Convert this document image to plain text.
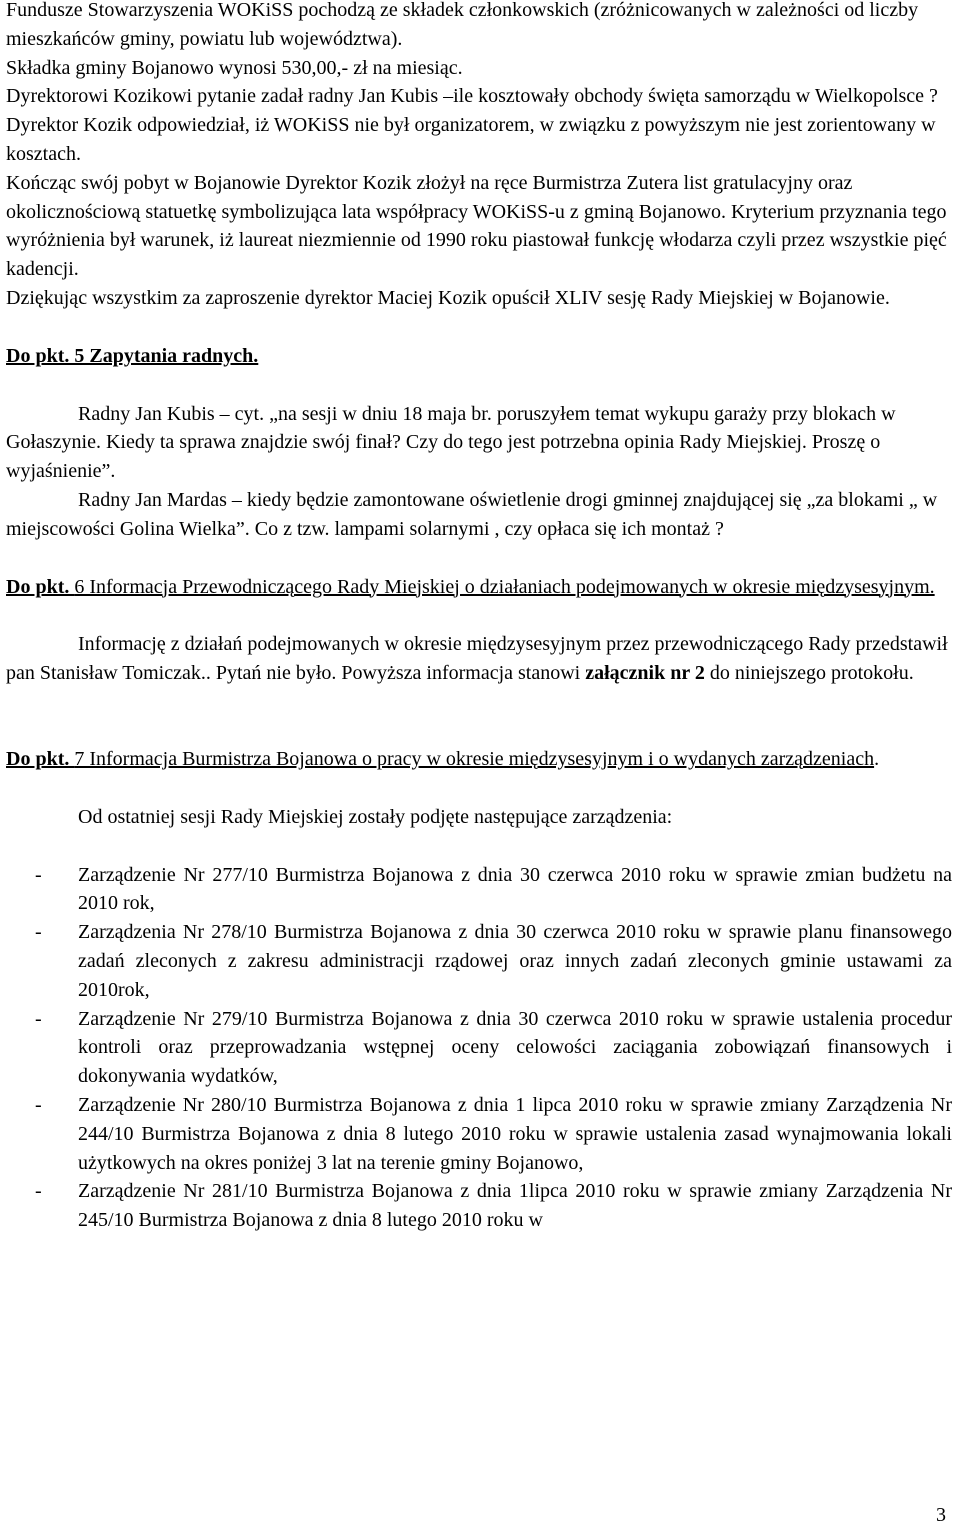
Fundusze Stowarzyszenia WOKiSS pochodzą ze składek członkowskich (zróżnicowanych w zależności od liczby mieszkańców gminy, powiatu lub województwa).

Składka gminy Bojanowo wynosi 530,00,- zł na miesiąc.

Dyrektorowi Kozikowi pytanie zadał radny Jan Kubis –ile kosztowały obchody święta samorządu w Wielkopolsce ?

Dyrektor Kozik odpowiedział, iż WOKiSS nie był organizatorem, w związku z powyższym nie jest zorientowany w kosztach.

Kończąc swój pobyt w Bojanowie Dyrektor Kozik złożył na ręce Burmistrza Zutera list gratulacyjny oraz okolicznościową statuetkę symbolizująca lata współpracy WOKiSS-u z gminą Bojanowo. Kryterium przyznania tego wyróżnienia był warunek, iż laureat niezmiennie od 1990 roku piastował funkcję włodarza czyli przez wszystkie pięć kadencji.

Dziękując wszystkim za zaproszenie dyrektor Maciej Kozik opuścił XLIV sesję Rady Miejskiej w Bojanowie.

Do pkt. 5 Zapytania radnych.

Radny Jan Kubis – cyt. „na sesji w dniu 18 maja br. poruszyłem temat wykupu garaży przy blokach w Gołaszynie. Kiedy ta sprawa znajdzie swój finał? Czy do tego jest potrzebna opinia Rady Miejskiej. Proszę o wyjaśnienie”.

Radny Jan Mardas – kiedy będzie zamontowane oświetlenie drogi gminnej znajdującej się „za blokami „ w miejscowości Golina Wielka”. Co z tzw. lampami solarnymi , czy opłaca się ich montaż ?

Do pkt. 6 Informacja Przewodniczącego Rady Miejskiej o działaniach podejmowanych w okresie międzysesyjnym.

Informację z działań podejmowanych w okresie międzysesyjnym przez przewodniczącego Rady przedstawił pan Stanisław Tomiczak.. Pytań nie było. Powyższa informacja stanowi załącznik nr 2 do niniejszego protokołu.

Do pkt. 7 Informacja Burmistrza Bojanowa o pracy w okresie międzysesyjnym i o wydanych zarządzeniach.

Od ostatniej sesji Rady Miejskiej zostały podjęte następujące zarządzenia:

- Zarządzenie Nr 277/10 Burmistrza Bojanowa z dnia 30 czerwca 2010 roku w sprawie zmian budżetu na 2010 rok,
- Zarządzenia Nr 278/10 Burmistrza Bojanowa z dnia 30 czerwca 2010 roku w sprawie planu finansowego zadań zleconych z zakresu administracji rządowej oraz innych zadań zleconych gminie ustawami za 2010rok,
- Zarządzenie Nr 279/10 Burmistrza Bojanowa z dnia 30 czerwca 2010 roku w sprawie ustalenia procedur kontroli oraz przeprowadzania wstępnej oceny celowości zaciągania zobowiązań finansowych i dokonywania wydatków,
- Zarządzenie Nr 280/10 Burmistrza Bojanowa z dnia 1 lipca 2010 roku w sprawie zmiany Zarządzenia Nr 244/10 Burmistrza Bojanowa z dnia 8 lutego 2010 roku w sprawie ustalenia zasad wynajmowania lokali użytkowych na okres poniżej 3 lat na terenie gminy Bojanowo,
- Zarządzenie Nr 281/10 Burmistrza Bojanowa z dnia 1lipca 2010 roku w sprawie zmiany Zarządzenia Nr 245/10 Burmistrza Bojanowa z dnia 8 lutego 2010 roku w
3
